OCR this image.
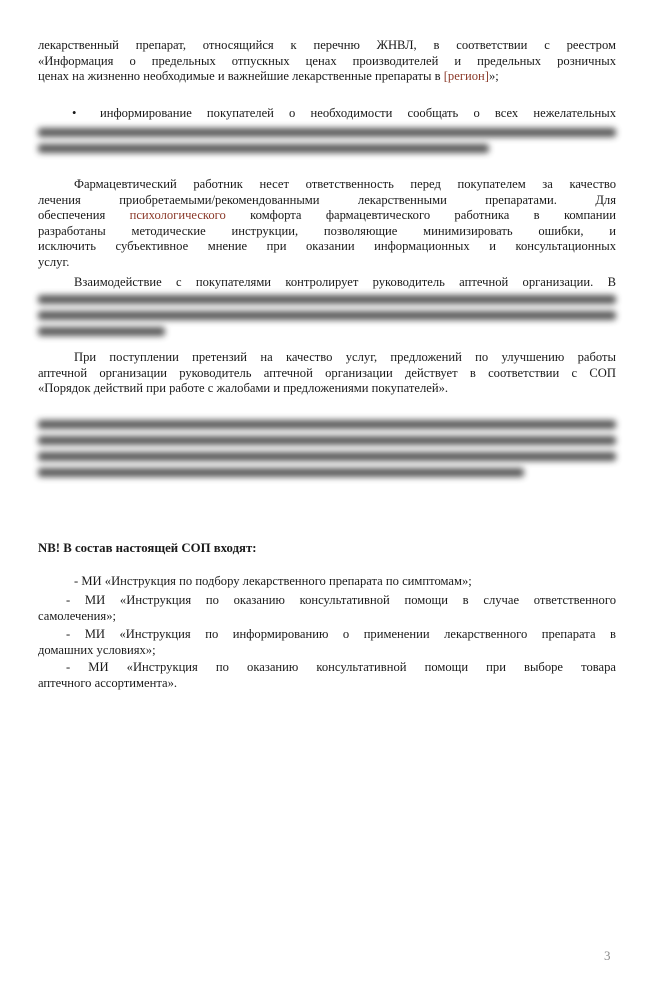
лекарственный препарат, относящийся к перечню ЖНВЛ, в соответствии с реестром
«Информация о предельных отпускных ценах производителей и предельных розничных
ценах на жизненно необходимые и важнейшие лекарственные препараты в [регион]»;
• информирование покупателей о необходимости сообщать о всех нежелательных
Фармацевтический работник несет ответственность перед покупателем за качество
лечения приобретаемыми/рекомендованными лекарственными препаратами. Для
обеспечения психологического комфорта фармацевтического работника в компании
разработаны методические инструкции, позволяющие минимизировать ошибки, и
исключить субъективное мнение при оказании информационных и консультационных
услуг.
Взаимодействие с покупателями контролирует руководитель аптечной организации. В
При поступлении претензий на качество услуг, предложений по улучшению работы
аптечной организации руководитель аптечной организации действует в соответствии с СОП
«Порядок действий при работе с жалобами и предложениями покупателей».
NB! В состав настоящей СОП входят:
- МИ «Инструкция по подбору лекарственного препарата по симптомам»;
- МИ «Инструкция по оказанию консультативной помощи в случае ответственного
самолечения»;
- МИ «Инструкция по информированию о применении лекарственного препарата в
домашних условиях»;
- МИ «Инструкция по оказанию консультативной помощи при выборе товара
аптечного ассортимента».
3
